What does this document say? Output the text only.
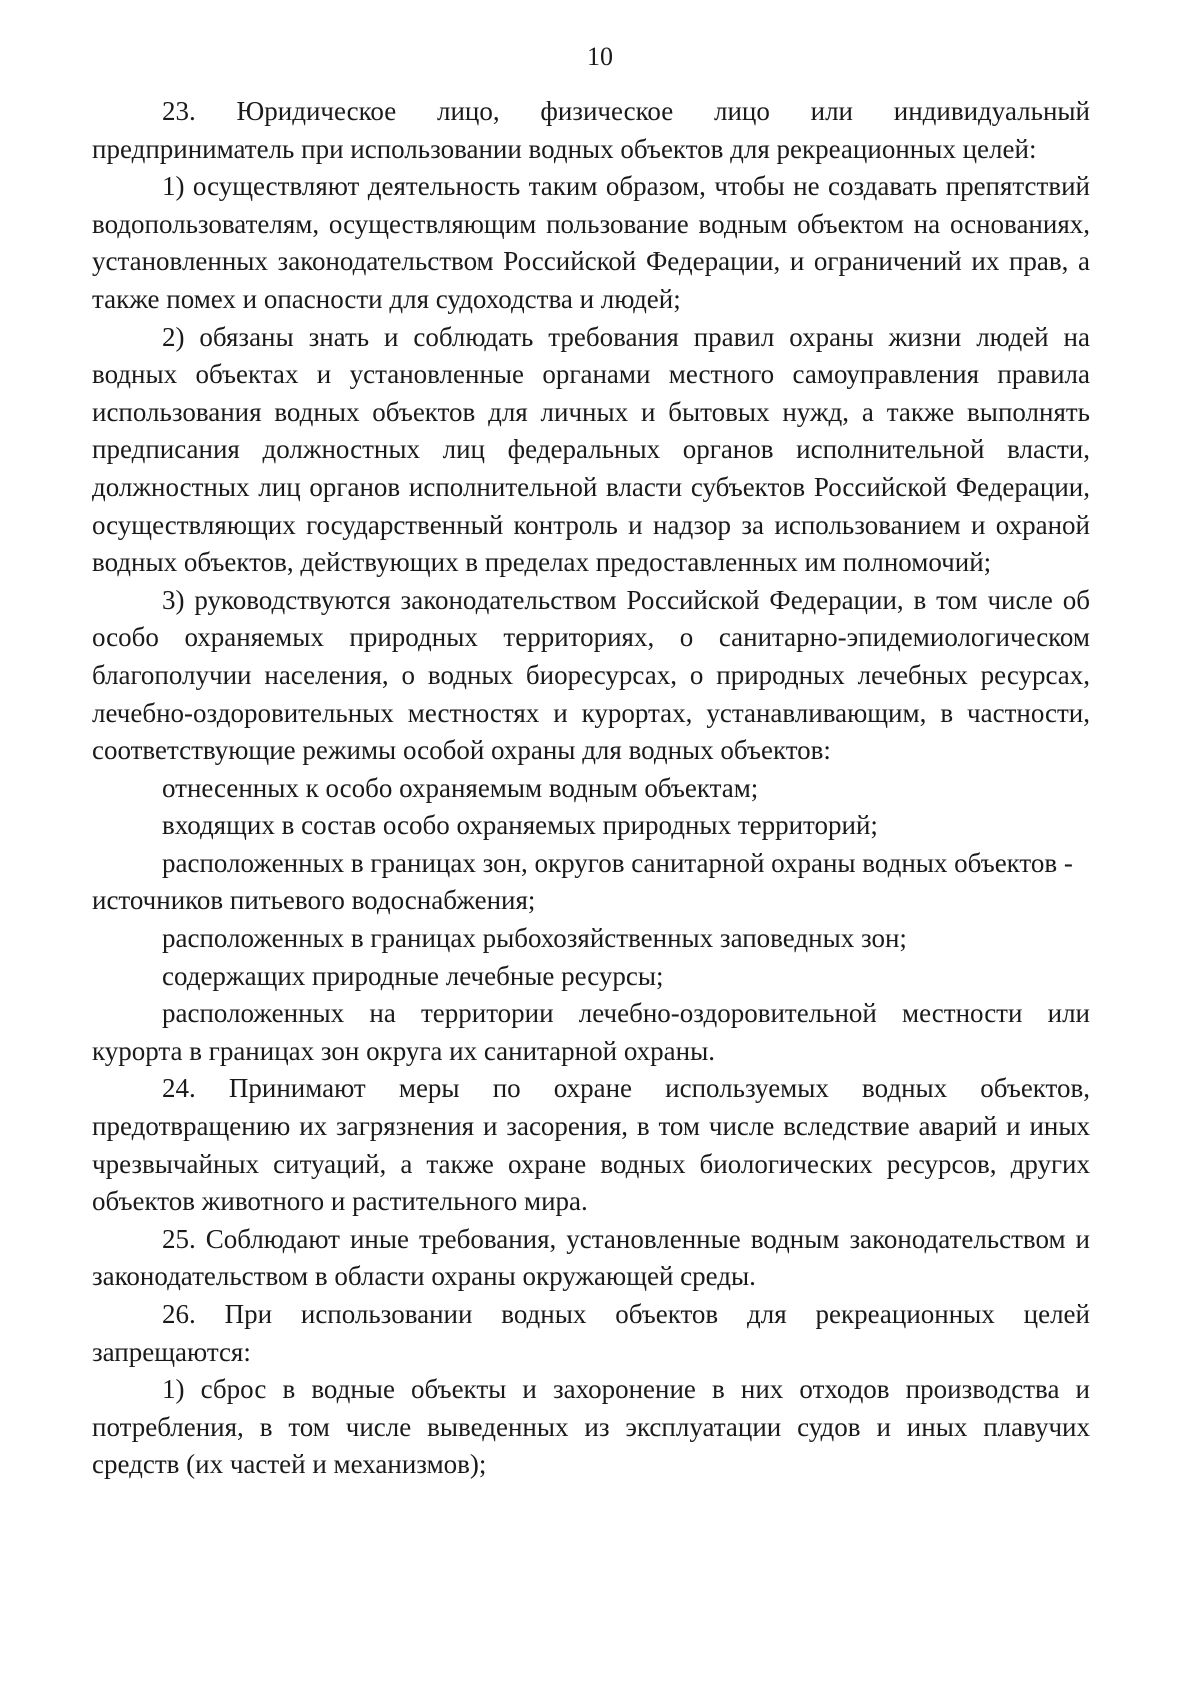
10

23. Юридическое лицо, физическое лицо или индивидуальный предприниматель при использовании водных объектов для рекреационных целей:

1) осуществляют деятельность таким образом, чтобы не создавать препятствий водопользователям, осуществляющим пользование водным объектом на основаниях, установленных законодательством Российской Федерации, и ограничений их прав, а также помех и опасности для судоходства и людей;

2) обязаны знать и соблюдать требования правил охраны жизни людей на водных объектах и установленные органами местного самоуправления правила использования водных объектов для личных и бытовых нужд, а также выполнять предписания должностных лиц федеральных органов исполнительной власти, должностных лиц органов исполнительной власти субъектов Российской Федерации, осуществляющих государственный контроль и надзор за использованием и охраной водных объектов, действующих в пределах предоставленных им полномочий;

3) руководствуются законодательством Российской Федерации, в том числе об особо охраняемых природных территориях, о санитарно-эпидемиологическом благополучии населения, о водных биоресурсах, о природных лечебных ресурсах, лечебно-оздоровительных местностях и курортах, устанавливающим, в частности, соответствующие режимы особой охраны для водных объектов:

отнесенных к особо охраняемым водным объектам;

входящих в состав особо охраняемых природных территорий;

расположенных в границах зон, округов санитарной охраны водных объектов - источников питьевого водоснабжения;

расположенных в границах рыбохозяйственных заповедных зон;

содержащих природные лечебные ресурсы;

расположенных на территории лечебно-оздоровительной местности или курорта в границах зон округа их санитарной охраны.

24. Принимают меры по охране используемых водных объектов, предотвращению их загрязнения и засорения, в том числе вследствие аварий и иных чрезвычайных ситуаций, а также охране водных биологических ресурсов, других объектов животного и растительного мира.

25. Соблюдают иные требования, установленные водным законодательством и законодательством в области охраны окружающей среды.

26. При использовании водных объектов для рекреационных целей запрещаются:

1) сброс в водные объекты и захоронение в них отходов производства и потребления, в том числе выведенных из эксплуатации судов и иных плавучих средств (их частей и механизмов);
